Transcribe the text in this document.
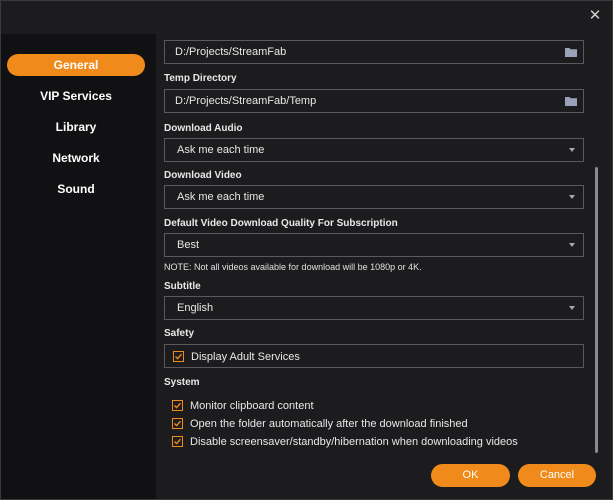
✕
General
VIP Services
Library
Network
Sound
D:/Projects/StreamFab
Temp Directory
D:/Projects/StreamFab/Temp
Download Audio
Ask me each time
Download Video
Ask me each time
Default Video Download Quality For Subscription
Best
NOTE: Not all videos available for download will be 1080p or 4K.
Subtitle
English
Safety
Display Adult Services
System
Monitor clipboard content
Open the folder automatically after the download finished
Disable screensaver/standby/hibernation when downloading videos
OK	Cancel
